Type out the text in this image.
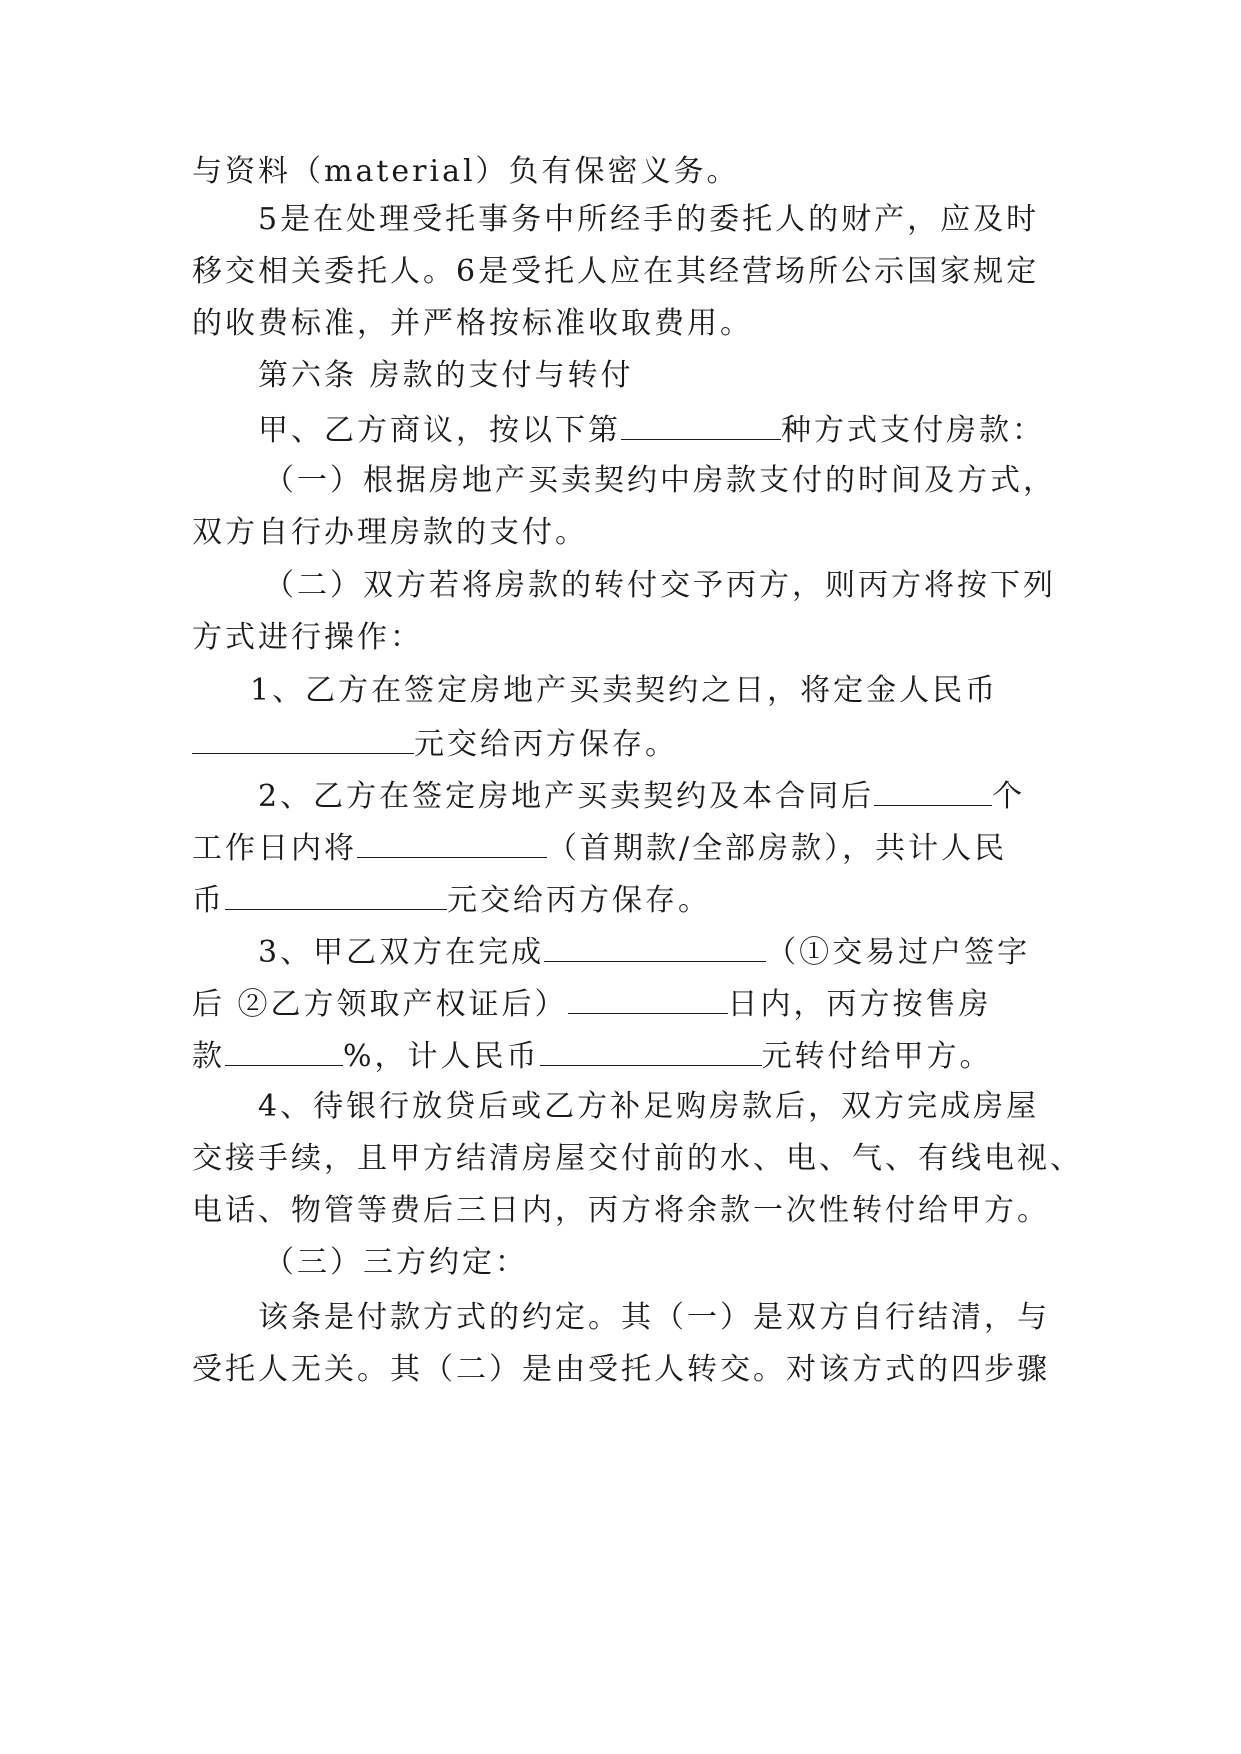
与资料（material）负有保密义务。
5是在处理受托事务中所经手的委托人的财产，应及时
移交相关委托人。6是受托人应在其经营场所公示国家规定
的收费标准，并严格按标准收取费用。
第六条 房款的支付与转付
甲、乙方商议，按以下第	种方式支付房款：
（一）根据房地产买卖契约中房款支付的时间及方式，
双方自行办理房款的支付。
（二）双方若将房款的转付交予丙方，则丙方将按下列
方式进行操作：
1、乙方在签定房地产买卖契约之日，将定金人民币
元交给丙方保存。
2、乙方在签定房地产买卖契约及本合同后	个
工作日内将	（首期款/全部房款），共计人民
币	元交给丙方保存。
3、甲乙双方在完成	（①交易过户签字
后 ②乙方领取产权证后）	日内，丙方按售房
款	%，计人民币	元转付给甲方。
4、待银行放贷后或乙方补足购房款后，双方完成房屋
交接手续，且甲方结清房屋交付前的水、电、气、有线电视、
电话、物管等费后三日内，丙方将余款一次性转付给甲方。
（三）三方约定：
该条是付款方式的约定。其（一）是双方自行结清，与
受托人无关。其（二）是由受托人转交。对该方式的四步骤
